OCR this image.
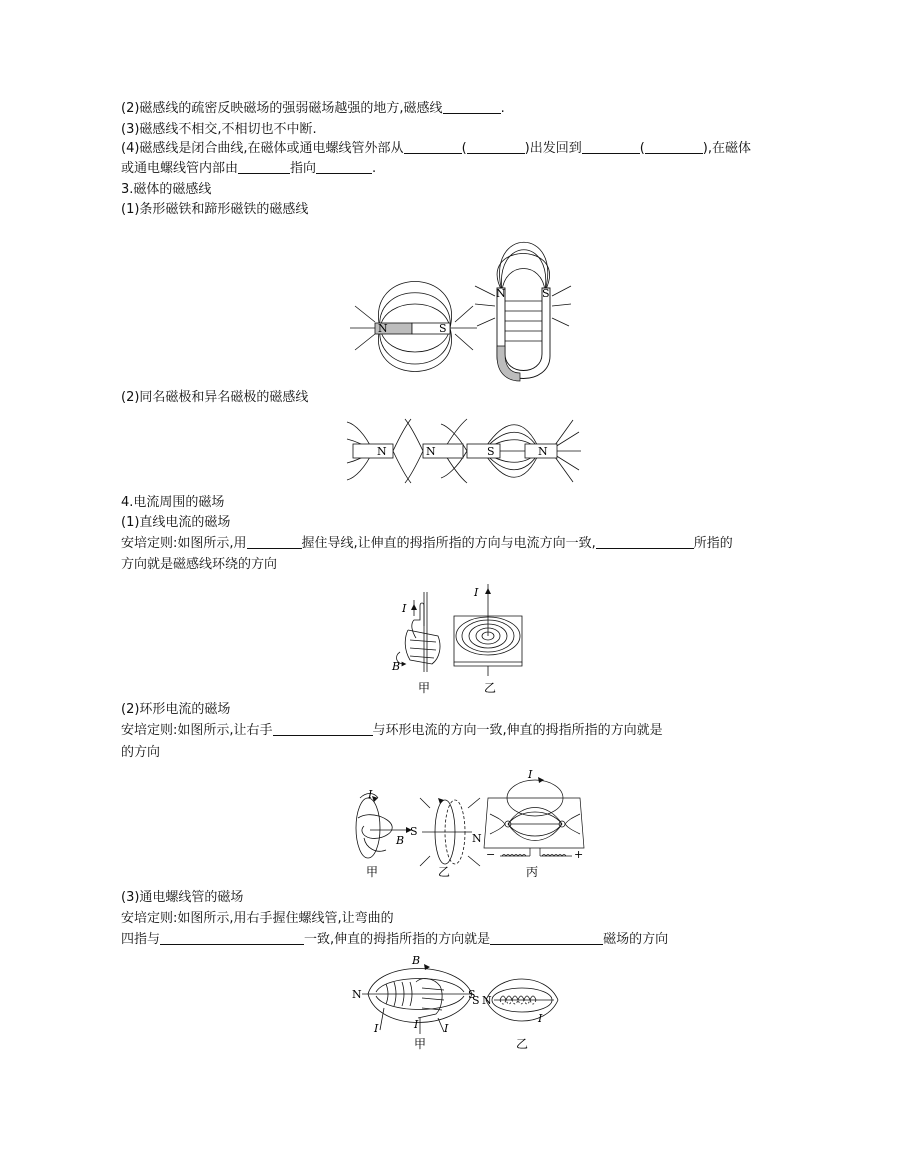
(2)磁感线的疏密反映磁场的强弱磁场越强的地方,磁感线	.
(3)磁感线不相交,不相切也不中断.
(4)磁感线是闭合曲线,在磁体或通电螺线管外部从	(	)出发回到	(	),在磁体
或通电螺线管内部由	指向	.
3.磁体的磁感线
(1)条形磁铁和蹄形磁铁的磁感线
N	S
N	S
(2)同名磁极和异名磁极的磁感线
N	N	S	N
4.电流周围的磁场
(1)直线电流的磁场
安培定则:如图所示,用	握住导线,让伸直的拇指所指的方向与电流方向一致,	所指的
方向就是磁感线环绕的方向
I
B
I
甲	乙
(2)环形电流的磁场
安培定则:如图所示,让右手	与环形电流的方向一致,伸直的拇指所指的方向就是
的方向
I
B
S
N
I
−	+
甲	乙	丙
(3)通电螺线管的磁场
安培定则:如图所示,用右手握住螺线管,让弯曲的
四指与	一致,伸直的拇指所指的方向就是	磁场的方向
B
N	S
I	I I
S N
I
甲	乙
